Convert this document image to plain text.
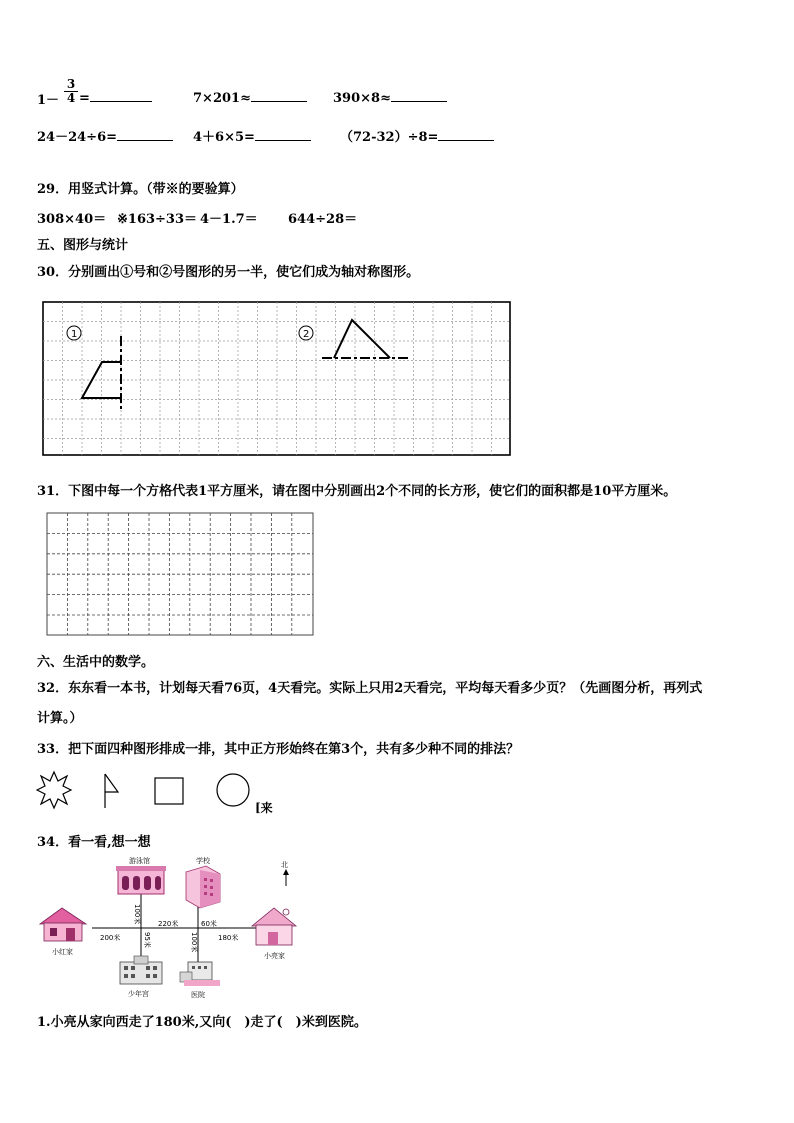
$1- \frac{3}{4}$ =	7×201≈	390×8≈
24－24÷6=	4＋6×5=	（72-32）÷8=
29．用竖式计算。（带※的要验算）
308×40＝ ※163÷33＝ 4－1.7＝ 644÷28＝
五、图形与统计
30．分别画出①号和②号图形的另一半，使它们成为轴对称图形。
1	2
31．下图中每一个方格代表1平方厘米，请在图中分别画出2个不同的长方形，使它们的面积都是10平方厘米。
六、生活中的数学。
32．东东看一本书，计划每天看76页，4天看完。实际上只用2天看完，平均每天看多少页？（先画图分析，再列式
计算。）
33．把下面四种图形排成一排，其中正方形始终在第3个，共有多少种不同的排法？
[来
34．看一看,想一想
北
游泳馆	学校
小红家	小亮家
少年宫	医院
200米
220米	60米
180米
100米
95米	100米
1.小亮从家向西走了180米,又向(　)走了(　)米到医院。
